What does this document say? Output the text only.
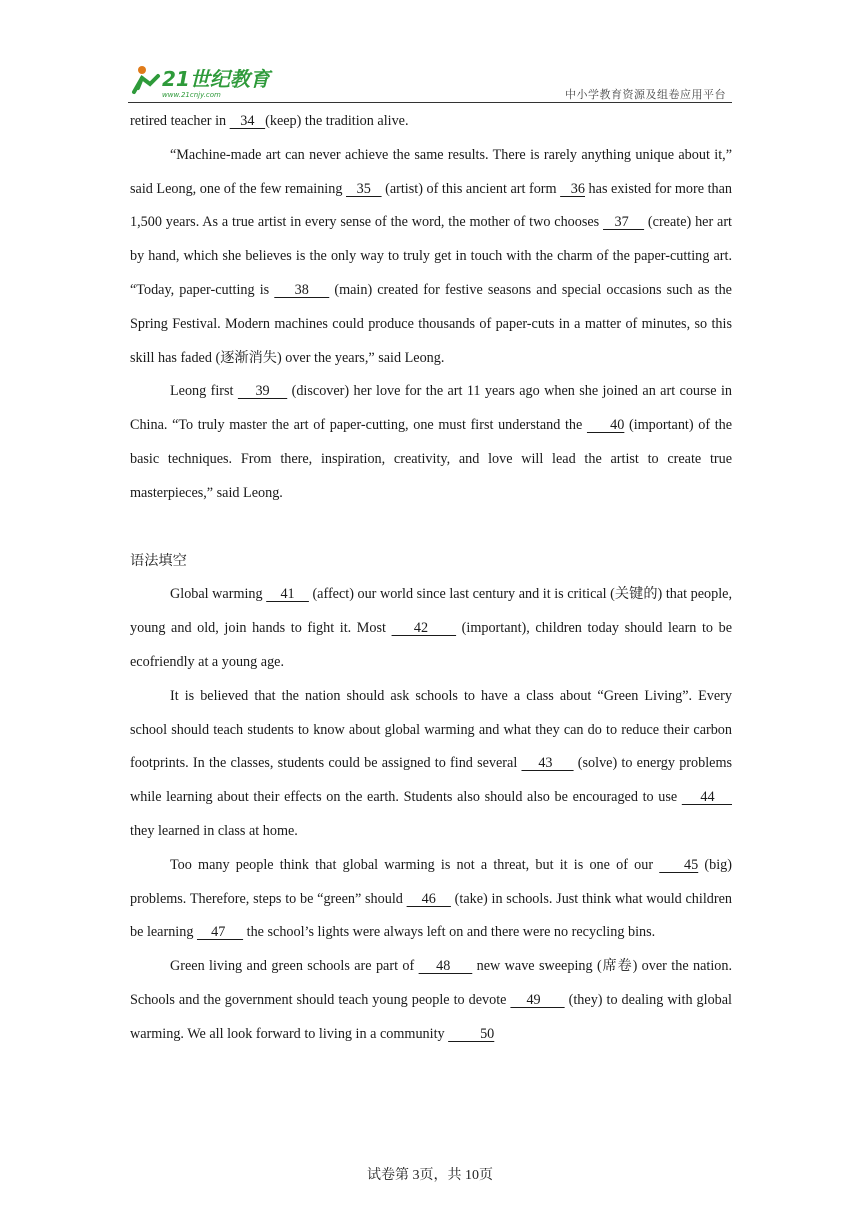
21世纪教育
www.21cnjy.com	中小学教育资源及组卷应用平台

retired teacher in    34   (keep) the tradition alive.

“Machine-made art can never achieve the same results. There is rarely anything unique about it,” said Leong, one of the few remaining    35    (artist) of this ancient art form    36 has existed for more than 1,500 years. As a true artist in every sense of the word, the mother of two chooses    37     (create) her art by hand, which she believes is the only way to truly get in touch with the charm of the paper-cutting art. “Today, paper-cutting is     38     (main) created for festive seasons and special occasions such as the Spring Festival. Modern machines could produce thousands of paper-cuts in a matter of minutes, so this skill has faded (逐渐消失) over the years,” said Leong.

Leong first     39     (discover) her love for the art 11 years ago when she joined an art course in China. “To truly master the art of paper-cutting, one must first understand the      40 (important) of the basic techniques. From there, inspiration, creativity, and love will lead the artist to create true masterpieces,” said Leong.

语法填空

Global warming     41     (affect) our world since last century and it is critical (关键的) that people, young and old, join hands to fight it. Most     42      (important), children today should learn to be ecofriendly at a young age.

It is believed that the nation should ask schools to have a class about “Green Living”. Every school should teach students to know about global warming and what they can do to reduce their carbon footprints. In the classes, students could be assigned to find several     43      (solve) to energy problems while learning about their effects on the earth. Students also should also be encouraged to use     44     they learned in class at home.

Too many people think that global warming is not a threat, but it is one of our     45 (big) problems. Therefore, steps to be “green” should     46     (take) in schools. Just think what would children be learning     47      the school’s lights were always left on and there were no recycling bins.

Green living and green schools are part of     48      new wave sweeping (席卷) over the nation. Schools and the government should teach young people to devote     49       (they) to dealing with global warming. We all look forward to living in a community          50

试卷第 3页，共 10页
